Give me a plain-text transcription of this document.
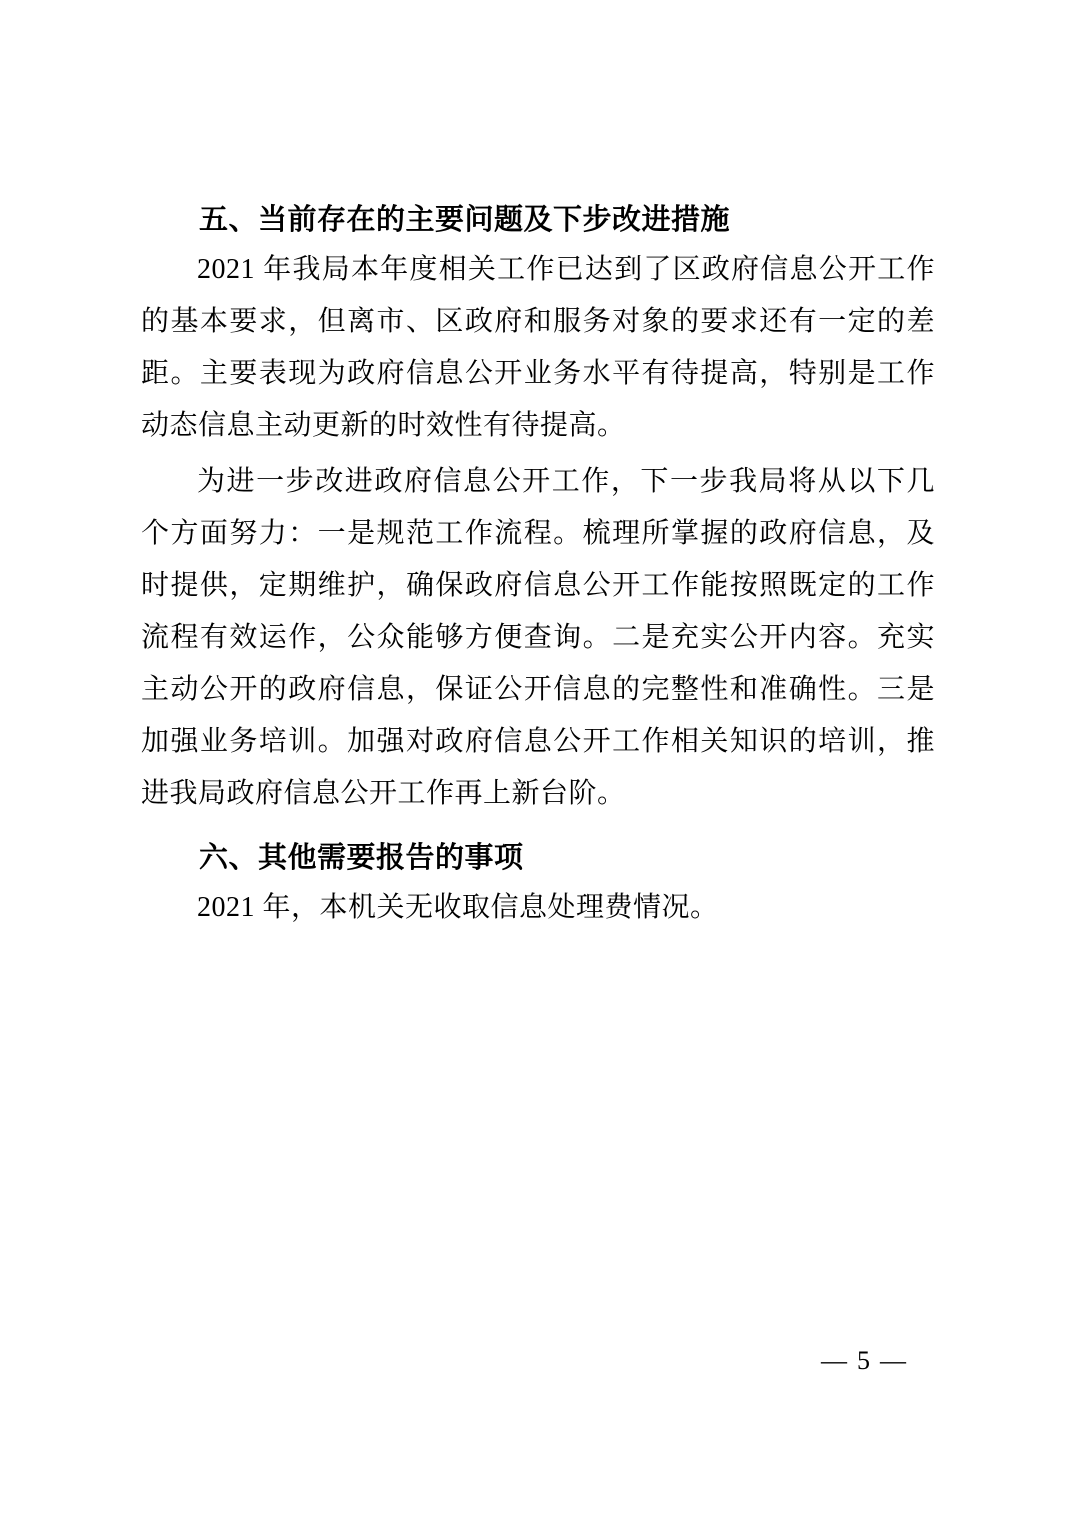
五、当前存在的主要问题及下步改进措施

2021 年我局本年度相关工作已达到了区政府信息公开工作的基本要求，但离市、区政府和服务对象的要求还有一定的差距。主要表现为政府信息公开业务水平有待提高，特别是工作动态信息主动更新的时效性有待提高。

为进一步改进政府信息公开工作，下一步我局将从以下几个方面努力：一是规范工作流程。梳理所掌握的政府信息，及时提供，定期维护，确保政府信息公开工作能按照既定的工作流程有效运作，公众能够方便查询。二是充实公开内容。充实主动公开的政府信息，保证公开信息的完整性和准确性。三是加强业务培训。加强对政府信息公开工作相关知识的培训，推进我局政府信息公开工作再上新台阶。

六、其他需要报告的事项

2021 年，本机关无收取信息处理费情况。

— 5 —
